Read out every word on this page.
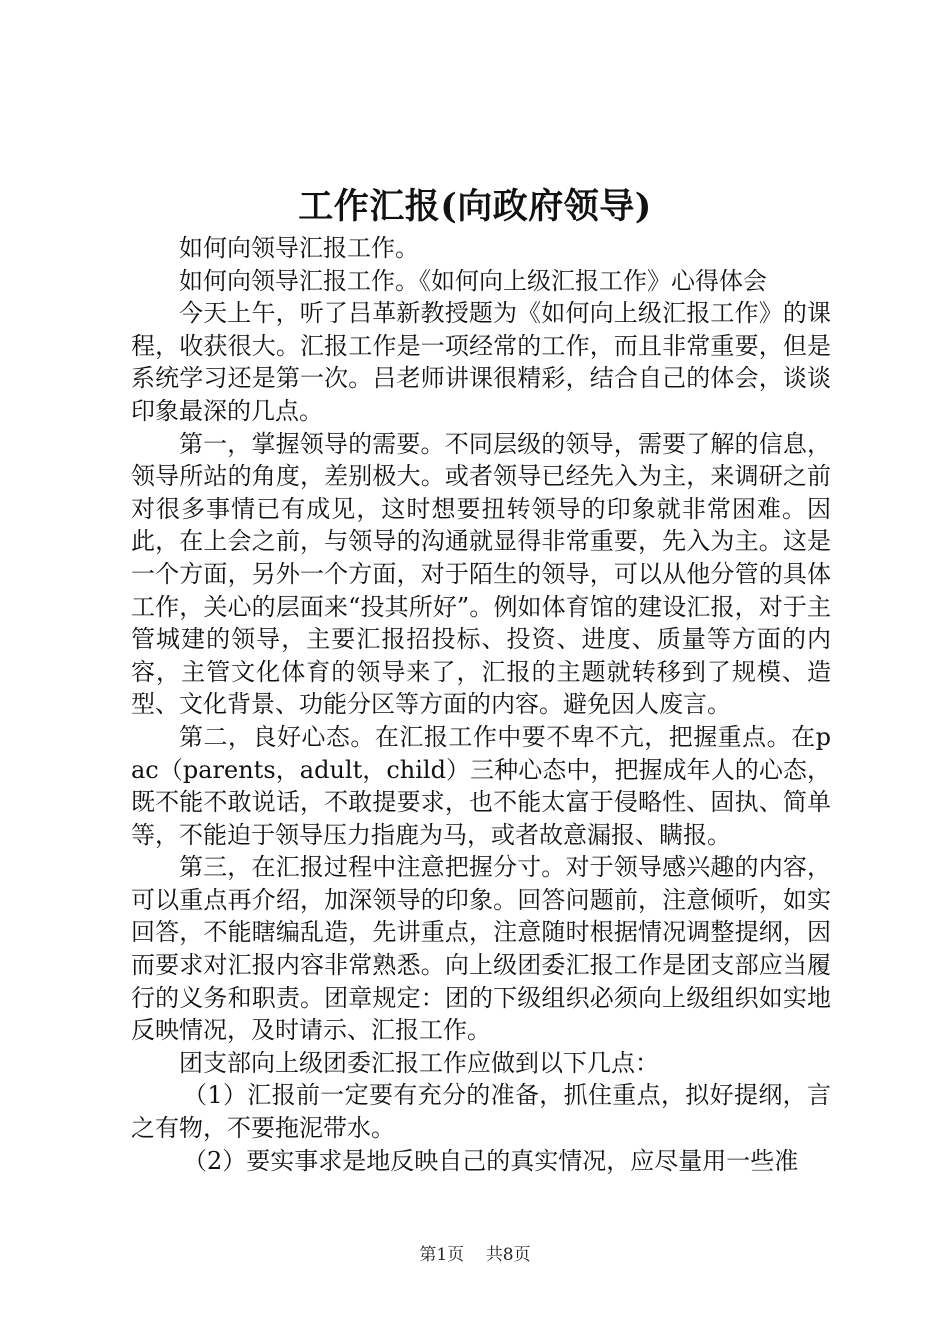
工作汇报(向政府领导)

如何向领导汇报工作。

如何向领导汇报工作。《如何向上级汇报工作》心得体会

今天上午，听了吕革新教授题为《如何向上级汇报工作》的课程，收获很大。汇报工作是一项经常的工作，而且非常重要，但是系统学习还是第一次。吕老师讲课很精彩，结合自己的体会，谈谈印象最深的几点。

第一，掌握领导的需要。不同层级的领导，需要了解的信息，领导所站的角度，差别极大。或者领导已经先入为主，来调研之前对很多事情已有成见，这时想要扭转领导的印象就非常困难。因此，在上会之前，与领导的沟通就显得非常重要，先入为主。这是一个方面，另外一个方面，对于陌生的领导，可以从他分管的具体工作，关心的层面来“投其所好”。例如体育馆的建设汇报，对于主管城建的领导，主要汇报招投标、投资、进度、质量等方面的内容，主管文化体育的领导来了，汇报的主题就转移到了规模、造型、文化背景、功能分区等方面的内容。避免因人废言。

第二，良好心态。在汇报工作中要不卑不亢，把握重点。在pac（parents，adult，child）三种心态中，把握成年人的心态，既不能不敢说话，不敢提要求，也不能太富于侵略性、固执、简单等，不能迫于领导压力指鹿为马，或者故意漏报、瞒报。

第三，在汇报过程中注意把握分寸。对于领导感兴趣的内容，可以重点再介绍，加深领导的印象。回答问题前，注意倾听，如实回答，不能瞎编乱造，先讲重点，注意随时根据情况调整提纲，因而要求对汇报内容非常熟悉。向上级团委汇报工作是团支部应当履行的义务和职责。团章规定：团的下级组织必须向上级组织如实地反映情况，及时请示、汇报工作。

团支部向上级团委汇报工作应做到以下几点：

（1）汇报前一定要有充分的准备，抓住重点，拟好提纲，言之有物，不要拖泥带水。

（2）要实事求是地反映自己的真实情况，应尽量用一些准

第1页 共8页
